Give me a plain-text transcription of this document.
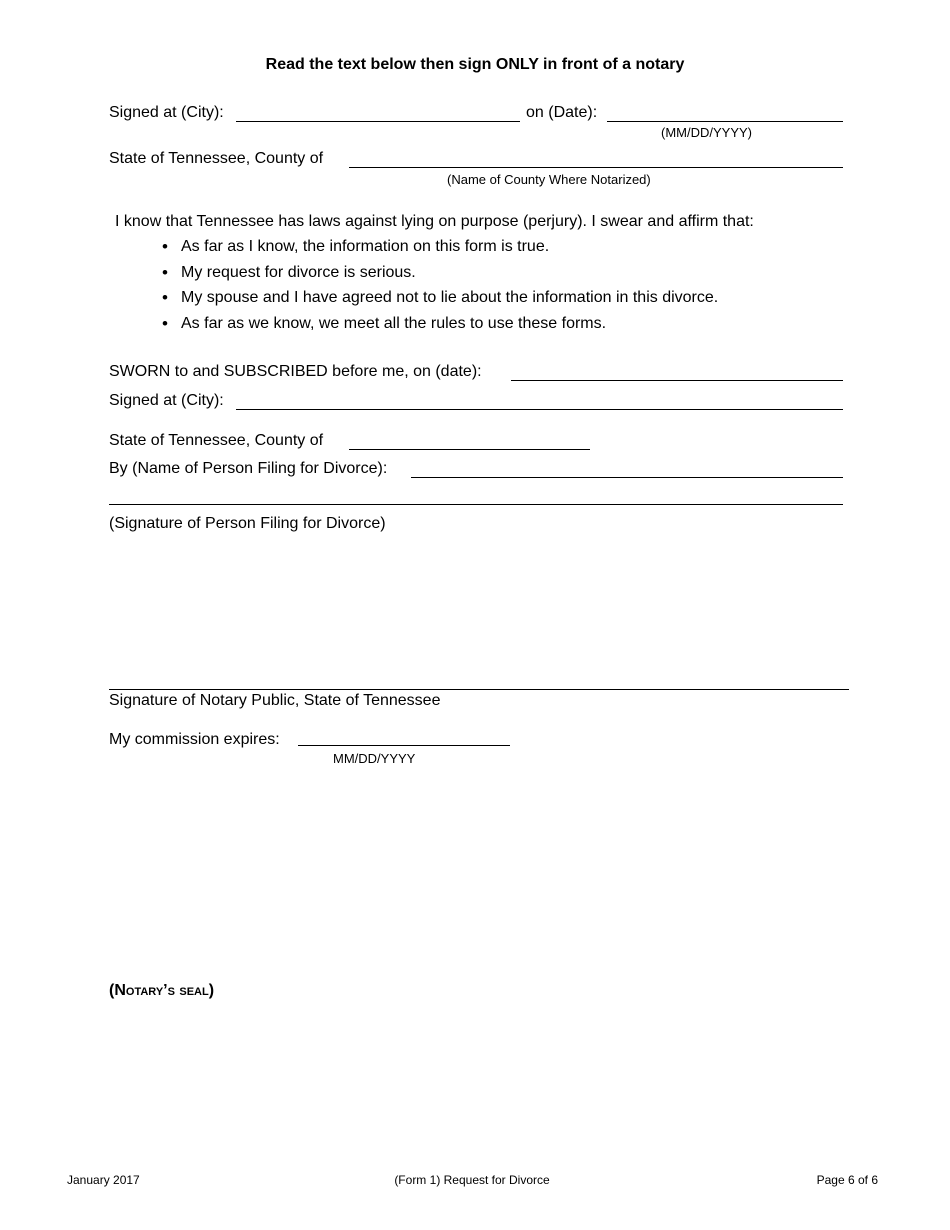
Read the text below then sign ONLY in front of a notary
Signed at (City):	on (Date):
(MM/DD/YYYY)
State of Tennessee, County of
(Name of County Where Notarized)
I know that Tennessee has laws against lying on purpose (perjury). I swear and affirm that:
• As far as I know, the information on this form is true.
• My request for divorce is serious.
• My spouse and I have agreed not to lie about the information in this divorce.
• As far as we know, we meet all the rules to use these forms.
SWORN to and SUBSCRIBED before me, on (date):
Signed at (City):
State of Tennessee, County of
By (Name of Person Filing for Divorce):
(Signature of Person Filing for Divorce)
Signature of Notary Public, State of Tennessee
My commission expires:
MM/DD/YYYY
(Notary’s seal)
January 2017	(Form 1) Request for Divorce	Page 6 of 6
